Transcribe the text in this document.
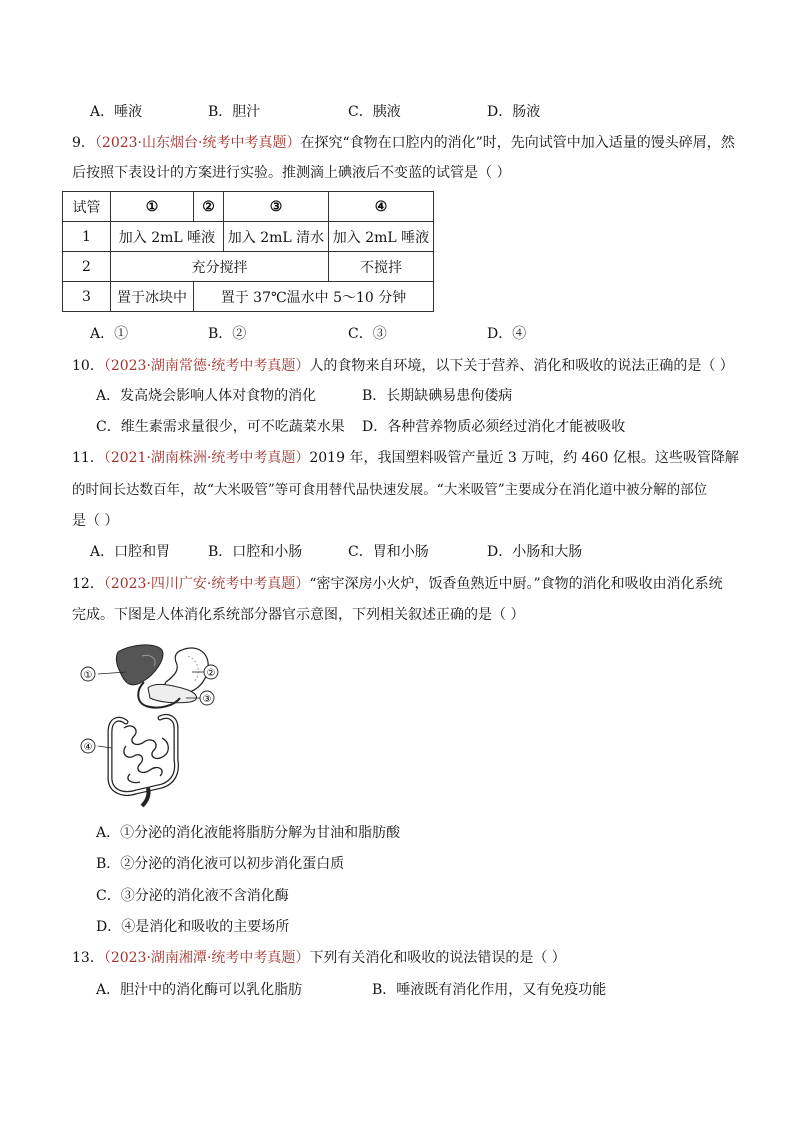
A．唾液	B．胆汁	C．胰液	D．肠液
9．（2023·山东烟台·统考中考真题）在探究“食物在口腔内的消化”时，先向试管中加入适量的馒头碎屑，然
后按照下表设计的方案进行实验。推测滴上碘液后不变蓝的试管是（ ）
试管	①	②	③	④
1	加入 2mL 唾液		加入 2mL 清水	加入 2mL 唾液
2	充分搅拌			不搅拌
3	置于冰块中	置于 37℃温水中 5～10 分钟		
A．①	B．②	C．③	D．④
10．（2023·湖南常德·统考中考真题）人的食物来自环境，以下关于营养、消化和吸收的说法正确的是（ ）
A．发高烧会影响人体对食物的消化	B．长期缺碘易患佝偻病
C．维生素需求量很少，可不吃蔬菜水果 D．各种营养物质必须经过消化才能被吸收
11．（2021·湖南株洲·统考中考真题）2019 年，我国塑料吸管产量近 3 万吨，约 460 亿根。这些吸管降解
的时间长达数百年，故“大米吸管”等可食用替代品快速发展。“大米吸管”主要成分在消化道中被分解的部位
是（ ）
A．口腔和胃	B．口腔和小肠	C．胃和小肠	D．小肠和大肠
12．（2023·四川广安·统考中考真题）“密宇深房小火炉，饭香鱼熟近中厨。”食物的消化和吸收由消化系统
完成。下图是人体消化系统部分器官示意图，下列相关叙述正确的是（ ）
①	②
③
④
A．①分泌的消化液能将脂肪分解为甘油和脂肪酸
B．②分泌的消化液可以初步消化蛋白质
C．③分泌的消化液不含消化酶
D．④是消化和吸收的主要场所
13．（2023·湖南湘潭·统考中考真题）下列有关消化和吸收的说法错误的是（ ）
A．胆汁中的消化酶可以乳化脂肪	B．唾液既有消化作用，又有免疫功能
